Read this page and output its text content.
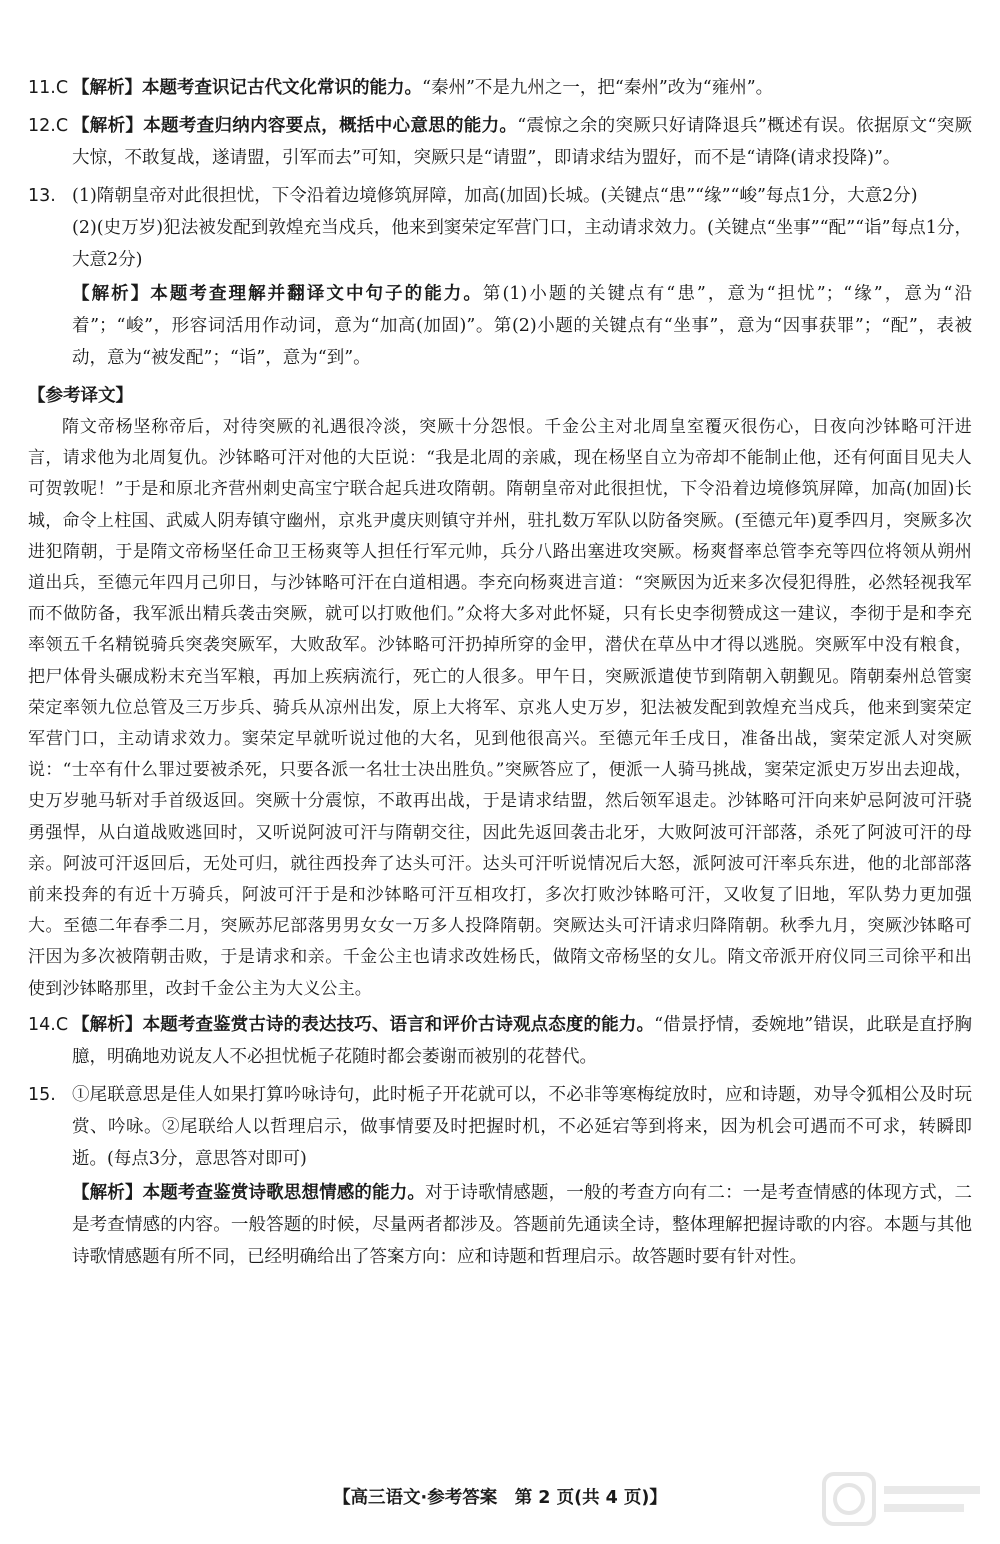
11.C 【解析】本题考查识记古代文化常识的能力。“秦州”不是九州之一，把“秦州”改为“雍州”。
12.C 【解析】本题考查归纳内容要点，概括中心意思的能力。“震惊之余的突厥只好请降退兵”概述有误。依据原文“突厥大惊，不敢复战，遂请盟，引军而去”可知，突厥只是“请盟”，即请求结为盟好，而不是“请降(请求投降)”。
13. (1)隋朝皇帝对此很担忧，下令沿着边境修筑屏障，加高(加固)长城。(关键点“患”“缘”“峻”每点1分，大意2分)
(2)(史万岁)犯法被发配到敦煌充当戍兵，他来到窦荣定军营门口，主动请求效力。(关键点“坐事”“配”“诣”每点1分，大意2分)
【解析】本题考查理解并翻译文中句子的能力。第(1)小题的关键点有“患”，意为“担忧”；“缘”，意为“沿着”；“峻”，形容词活用作动词，意为“加高(加固)”。第(2)小题的关键点有“坐事”，意为“因事获罪”；“配”，表被动，意为“被发配”；“诣”，意为“到”。
【参考译文】

隋文帝杨坚称帝后，对待突厥的礼遇很冷淡，突厥十分怨恨。千金公主对北周皇室覆灭很伤心，日夜向沙钵略可汗进言，请求他为北周复仇。沙钵略可汗对他的大臣说：“我是北周的亲戚，现在杨坚自立为帝却不能制止他，还有何面目见夫人可贺敦呢！”于是和原北齐营州刺史高宝宁联合起兵进攻隋朝。隋朝皇帝对此很担忧，下令沿着边境修筑屏障，加高(加固)长城，命令上柱国、武威人阴寿镇守幽州，京兆尹虞庆则镇守并州，驻扎数万军队以防备突厥。(至德元年)夏季四月，突厥多次进犯隋朝，于是隋文帝杨坚任命卫王杨爽等人担任行军元帅，兵分八路出塞进攻突厥。杨爽督率总管李充等四位将领从朔州道出兵，至德元年四月己卯日，与沙钵略可汗在白道相遇。李充向杨爽进言道：“突厥因为近来多次侵犯得胜，必然轻视我军而不做防备，我军派出精兵袭击突厥，就可以打败他们。”众将大多对此怀疑，只有长史李彻赞成这一建议，李彻于是和李充率领五千名精锐骑兵突袭突厥军，大败敌军。沙钵略可汗扔掉所穿的金甲，潜伏在草丛中才得以逃脱。突厥军中没有粮食，把尸体骨头碾成粉末充当军粮，再加上疾病流行，死亡的人很多。甲午日，突厥派遣使节到隋朝入朝觐见。隋朝秦州总管窦荣定率领九位总管及三万步兵、骑兵从凉州出发，原上大将军、京兆人史万岁，犯法被发配到敦煌充当戍兵，他来到窦荣定军营门口，主动请求效力。窦荣定早就听说过他的大名，见到他很高兴。至德元年壬戌日，准备出战，窦荣定派人对突厥说：“士卒有什么罪过要被杀死，只要各派一名壮士决出胜负。”突厥答应了，便派一人骑马挑战，窦荣定派史万岁出去迎战，史万岁驰马斩对手首级返回。突厥十分震惊，不敢再出战，于是请求结盟，然后领军退走。沙钵略可汗向来妒忌阿波可汗骁勇强悍，从白道战败逃回时，又听说阿波可汗与隋朝交往，因此先返回袭击北牙，大败阿波可汗部落，杀死了阿波可汗的母亲。阿波可汗返回后，无处可归，就往西投奔了达头可汗。达头可汗听说情况后大怒，派阿波可汗率兵东进，他的北部部落前来投奔的有近十万骑兵，阿波可汗于是和沙钵略可汗互相攻打，多次打败沙钵略可汗，又收复了旧地，军队势力更加强大。至德二年春季二月，突厥苏尼部落男男女女一万多人投降隋朝。突厥达头可汗请求归降隋朝。秋季九月，突厥沙钵略可汗因为多次被隋朝击败，于是请求和亲。千金公主也请求改姓杨氏，做隋文帝杨坚的女儿。隋文帝派开府仪同三司徐平和出使到沙钵略那里，改封千金公主为大义公主。

14.C 【解析】本题考查鉴赏古诗的表达技巧、语言和评价古诗观点态度的能力。“借景抒情，委婉地”错误，此联是直抒胸臆，明确地劝说友人不必担忧栀子花随时都会萎谢而被别的花替代。
15. ①尾联意思是佳人如果打算吟咏诗句，此时栀子开花就可以，不必非等寒梅绽放时，应和诗题，劝导令狐相公及时玩赏、吟咏。②尾联给人以哲理启示，做事情要及时把握时机，不必延宕等到将来，因为机会可遇而不可求，转瞬即逝。(每点3分，意思答对即可)
【解析】本题考查鉴赏诗歌思想情感的能力。对于诗歌情感题，一般的考查方向有二：一是考查情感的体现方式，二是考查情感的内容。一般答题的时候，尽量两者都涉及。答题前先通读全诗，整体理解把握诗歌的内容。本题与其他诗歌情感题有所不同，已经明确给出了答案方向：应和诗题和哲理启示。故答题时要有针对性。
【高三语文·参考答案　第 2 页(共 4 页)】
